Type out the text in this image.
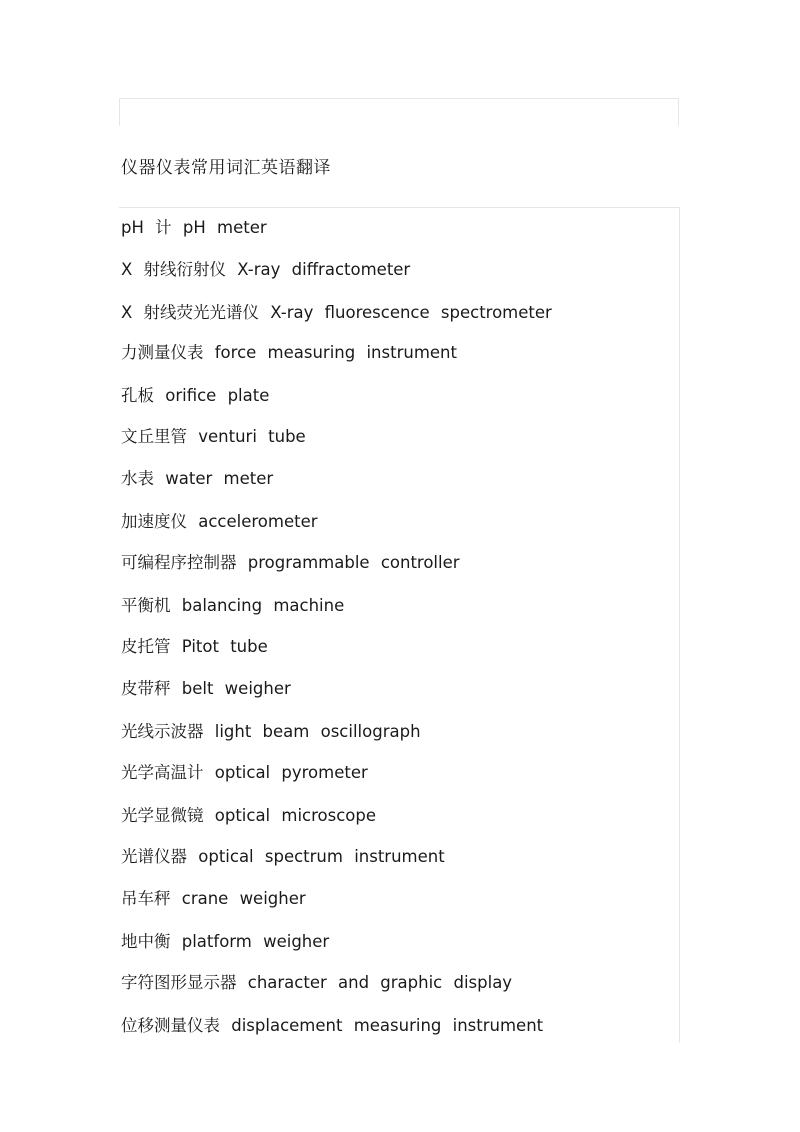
仪器仪表常用词汇英语翻译
pH 计 pH meter
X 射线衍射仪 X-ray diffractometer
X 射线荧光光谱仪 X-ray fluorescence spectrometer
力测量仪表 force measuring instrument
孔板 orifice plate
文丘里管 venturi tube
水表 water meter
加速度仪 accelerometer
可编程序控制器 programmable controller
平衡机 balancing machine
皮托管 Pitot tube
皮带秤 belt weigher
光线示波器 light beam oscillograph
光学高温计 optical pyrometer
光学显微镜 optical microscope
光谱仪器 optical spectrum instrument
吊车秤 crane weigher
地中衡 platform weigher
字符图形显示器 character and graphic display
位移测量仪表 displacement measuring instrument
